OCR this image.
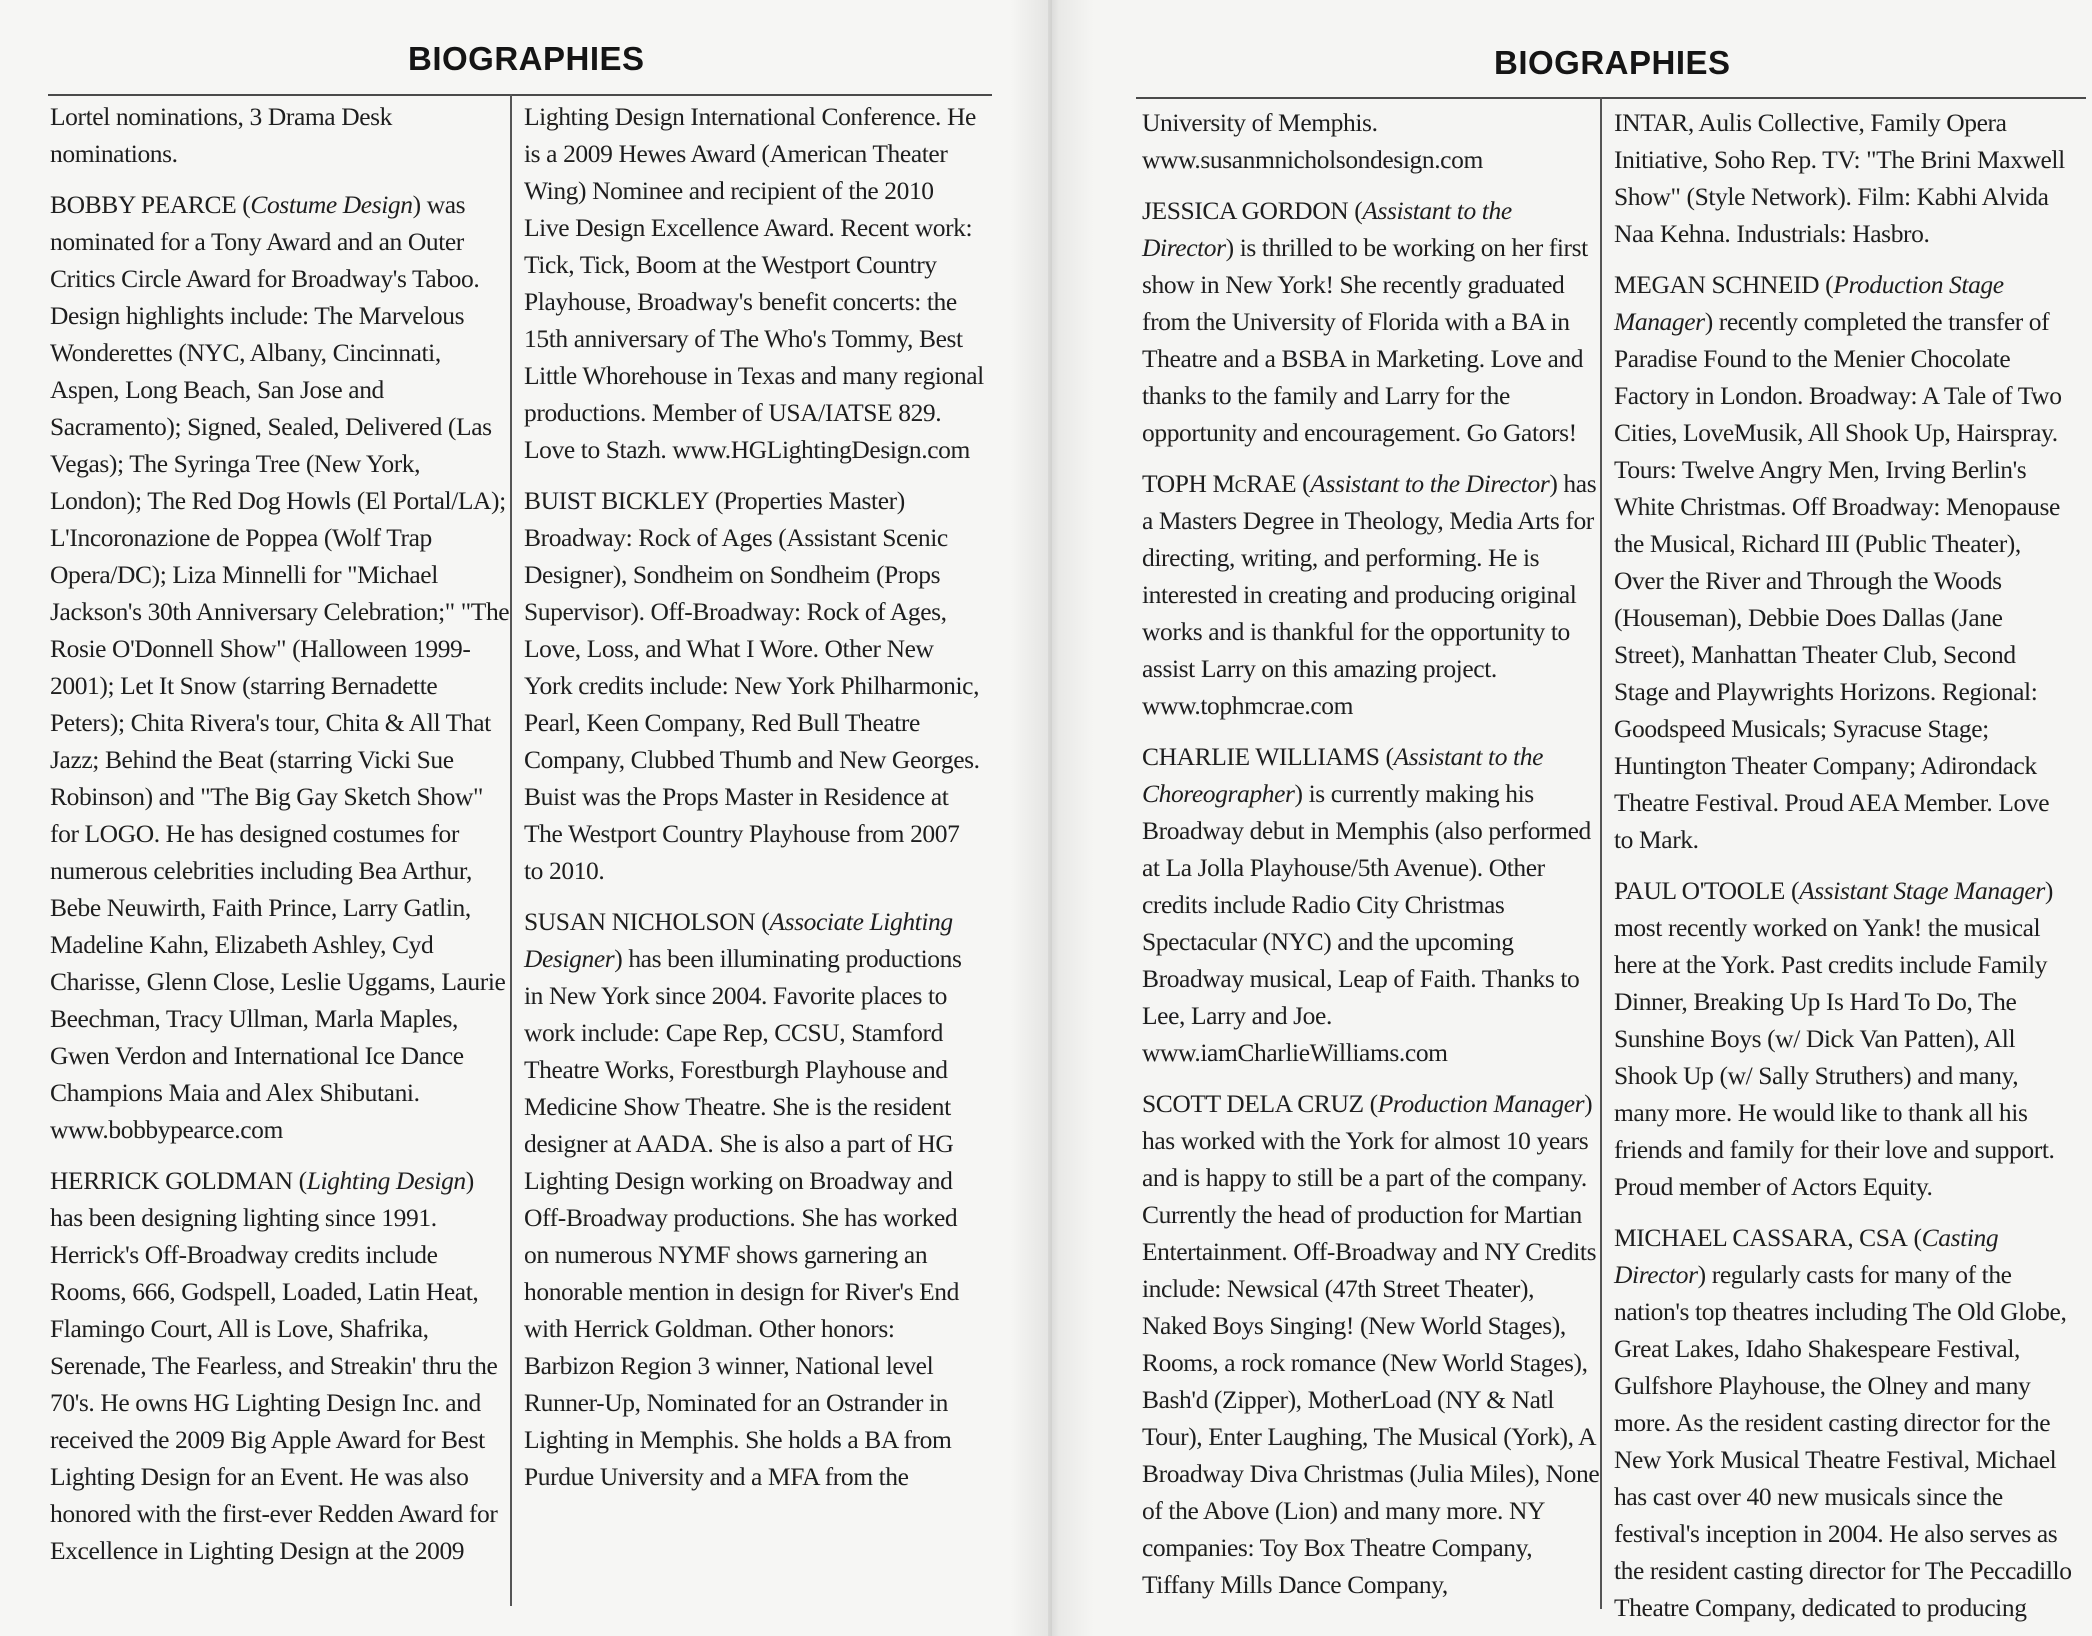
BIOGRAPHIES

Lortel nominations, 3 Drama Desk nominations.

BOBBY PEARCE (Costume Design) was nominated for a Tony Award and an Outer Critics Circle Award for Broadway's Taboo. Design highlights include: The Marvelous Wonderettes (NYC, Albany, Cincinnati, Aspen, Long Beach, San Jose and Sacramento); Signed, Sealed, Delivered (Las Vegas); The Syringa Tree (New York, London); The Red Dog Howls (El Portal/LA); L'Incoronazione de Poppea (Wolf Trap Opera/DC); Liza Minnelli for "Michael Jackson's 30th Anniversary Celebration;" "The Rosie O'Donnell Show" (Halloween 1999-2001); Let It Snow (starring Bernadette Peters); Chita Rivera's tour, Chita & All That Jazz; Behind the Beat (starring Vicki Sue Robinson) and "The Big Gay Sketch Show" for LOGO. He has designed costumes for numerous celebrities including Bea Arthur, Bebe Neuwirth, Faith Prince, Larry Gatlin, Madeline Kahn, Elizabeth Ashley, Cyd Charisse, Glenn Close, Leslie Uggams, Laurie Beechman, Tracy Ullman, Marla Maples, Gwen Verdon and International Ice Dance Champions Maia and Alex Shibutani. www.bobbypearce.com

HERRICK GOLDMAN (Lighting Design) has been designing lighting since 1991. Herrick's Off-Broadway credits include Rooms, 666, Godspell, Loaded, Latin Heat, Flamingo Court, All is Love, Shafrika, Serenade, The Fearless, and Streakin' thru the 70's. He owns HG Lighting Design Inc. and received the 2009 Big Apple Award for Best Lighting Design for an Event. He was also honored with the first-ever Redden Award for Excellence in Lighting Design at the 2009

Lighting Design International Conference. He is a 2009 Hewes Award (American Theater Wing) Nominee and recipient of the 2010 Live Design Excellence Award. Recent work: Tick, Tick, Boom at the Westport Country Playhouse, Broadway's benefit concerts: the 15th anniversary of The Who's Tommy, Best Little Whorehouse in Texas and many regional productions. Member of USA/IATSE 829. Love to Stazh. www.HGLightingDesign.com

BUIST BICKLEY (Properties Master) Broadway: Rock of Ages (Assistant Scenic Designer), Sondheim on Sondheim (Props Supervisor). Off-Broadway: Rock of Ages, Love, Loss, and What I Wore. Other New York credits include: New York Philharmonic, Pearl, Keen Company, Red Bull Theatre Company, Clubbed Thumb and New Georges. Buist was the Props Master in Residence at The Westport Country Playhouse from 2007 to 2010.

SUSAN NICHOLSON (Associate Lighting Designer) has been illuminating productions in New York since 2004. Favorite places to work include: Cape Rep, CCSU, Stamford Theatre Works, Forestburgh Playhouse and Medicine Show Theatre. She is the resident designer at AADA. She is also a part of HG Lighting Design working on Broadway and Off-Broadway productions. She has worked on numerous NYMF shows garnering an honorable mention in design for River's End with Herrick Goldman. Other honors: Barbizon Region 3 winner, National level Runner-Up, Nominated for an Ostrander in Lighting in Memphis. She holds a BA from Purdue University and a MFA from the

BIOGRAPHIES

University of Memphis. www.susanmnicholsondesign.com

JESSICA GORDON (Assistant to the Director) is thrilled to be working on her first show in New York! She recently graduated from the University of Florida with a BA in Theatre and a BSBA in Marketing. Love and thanks to the family and Larry for the opportunity and encouragement. Go Gators!

TOPH McRAE (Assistant to the Director) has a Masters Degree in Theology, Media Arts for directing, writing, and performing. He is interested in creating and producing original works and is thankful for the opportunity to assist Larry on this amazing project. www.tophmcrae.com

CHARLIE WILLIAMS (Assistant to the Choreographer) is currently making his Broadway debut in Memphis (also performed at La Jolla Playhouse/5th Avenue). Other credits include Radio City Christmas Spectacular (NYC) and the upcoming Broadway musical, Leap of Faith. Thanks to Lee, Larry and Joe. www.iamCharlieWilliams.com

SCOTT DELA CRUZ (Production Manager) has worked with the York for almost 10 years and is happy to still be a part of the company. Currently the head of production for Martian Entertainment. Off-Broadway and NY Credits include: Newsical (47th Street Theater), Naked Boys Singing! (New World Stages), Rooms, a rock romance (New World Stages), Bash'd (Zipper), MotherLoad (NY & Natl Tour), Enter Laughing, The Musical (York), A Broadway Diva Christmas (Julia Miles), None of the Above (Lion) and many more. NY companies: Toy Box Theatre Company, Tiffany Mills Dance Company,

INTAR, Aulis Collective, Family Opera Initiative, Soho Rep. TV: "The Brini Maxwell Show" (Style Network). Film: Kabhi Alvida Naa Kehna. Industrials: Hasbro.

MEGAN SCHNEID (Production Stage Manager) recently completed the transfer of Paradise Found to the Menier Chocolate Factory in London. Broadway: A Tale of Two Cities, LoveMusik, All Shook Up, Hairspray. Tours: Twelve Angry Men, Irving Berlin's White Christmas. Off Broadway: Menopause the Musical, Richard III (Public Theater), Over the River and Through the Woods (Houseman), Debbie Does Dallas (Jane Street), Manhattan Theater Club, Second Stage and Playwrights Horizons. Regional: Goodspeed Musicals; Syracuse Stage; Huntington Theater Company; Adirondack Theatre Festival. Proud AEA Member. Love to Mark.

PAUL O'TOOLE (Assistant Stage Manager) most recently worked on Yank! the musical here at the York. Past credits include Family Dinner, Breaking Up Is Hard To Do, The Sunshine Boys (w/ Dick Van Patten), All Shook Up (w/ Sally Struthers) and many, many more. He would like to thank all his friends and family for their love and support. Proud member of Actors Equity.

MICHAEL CASSARA, CSA (Casting Director) regularly casts for many of the nation's top theatres including The Old Globe, Great Lakes, Idaho Shakespeare Festival, Gulfshore Playhouse, the Olney and many more. As the resident casting director for the New York Musical Theatre Festival, Michael has cast over 40 new musicals since the festival's inception in 2004. He also serves as the resident casting director for The Peccadillo Theatre Company, dedicated to producing
